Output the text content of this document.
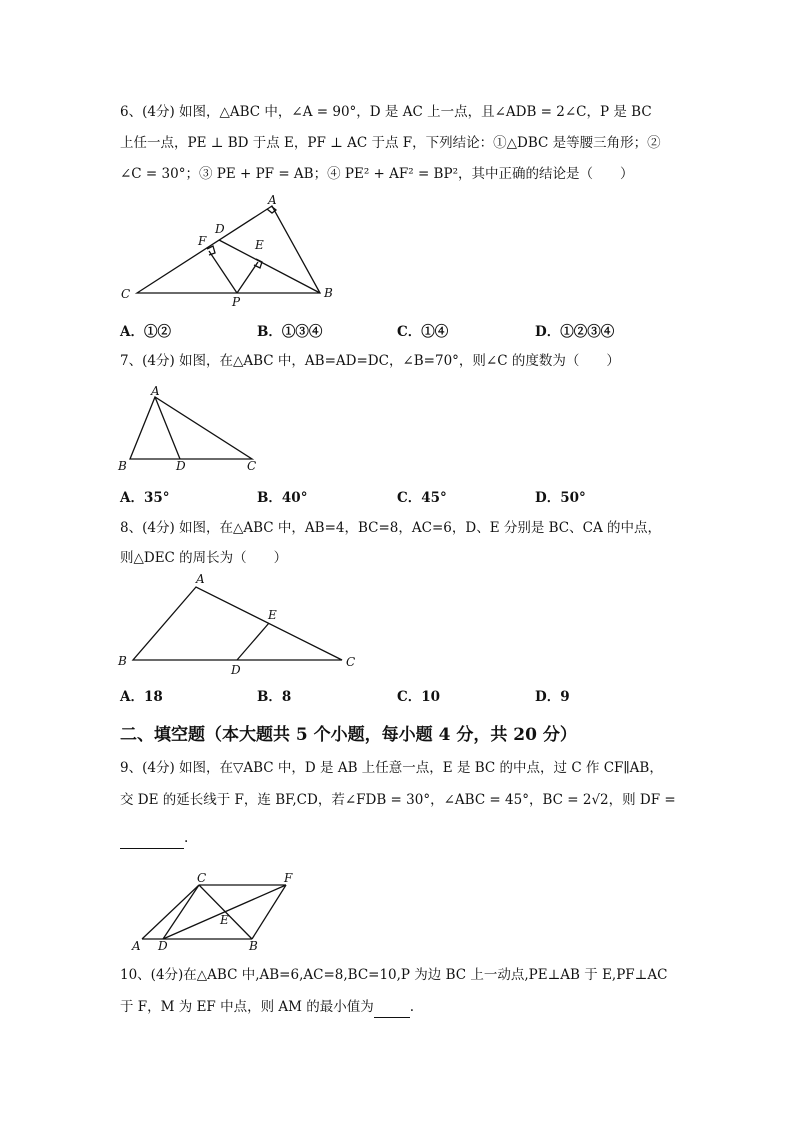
6、(4分) 如图，△ABC 中，∠A = 90°，D 是 AC 上一点，且∠ADB = 2∠C，P 是 BC
上任一点，PE ⊥ BD 于点 E，PF ⊥ AC 于点 F，下列结论：①△DBC 是等腰三角形；②
∠C = 30°；③ PE + PF = AB；④ PE² + AF² = BP²，其中正确的结论是（　　）
A
B
C
D
E
F
P
A．①②	B．①③④	C．①④	D．①②③④
7、(4分) 如图，在△ABC 中，AB=AD=DC，∠B=70°，则∠C 的度数为（　　）
A
B	D	C
A．35°	B．40°	C．45°	D．50°
8、(4分) 如图，在△ABC 中，AB=4，BC=8，AC=6，D、E 分别是 BC、CA 的中点，
则△DEC 的周长为（　　）
A
B	C
D
E
A．18	B．8	C．10	D．9
二、填空题（本大题共 5 个小题，每小题 4 分，共 20 分）
9、(4分) 如图，在▽ABC 中，D 是 AB 上任意一点，E 是 BC 的中点，过 C 作 CF∥AB，
交 DE 的延长线于 F，连 BF,CD，若∠FDB = 30°，∠ABC = 45°，BC = 2√2，则 DF =
.
A D	B
C	F
E
10、(4分)在△ABC 中,AB=6,AC=8,BC=10,P 为边 BC 上一动点,PE⊥AB 于 E,PF⊥AC
于 F，M 为 EF 中点，则 AM 的最小值为	.
